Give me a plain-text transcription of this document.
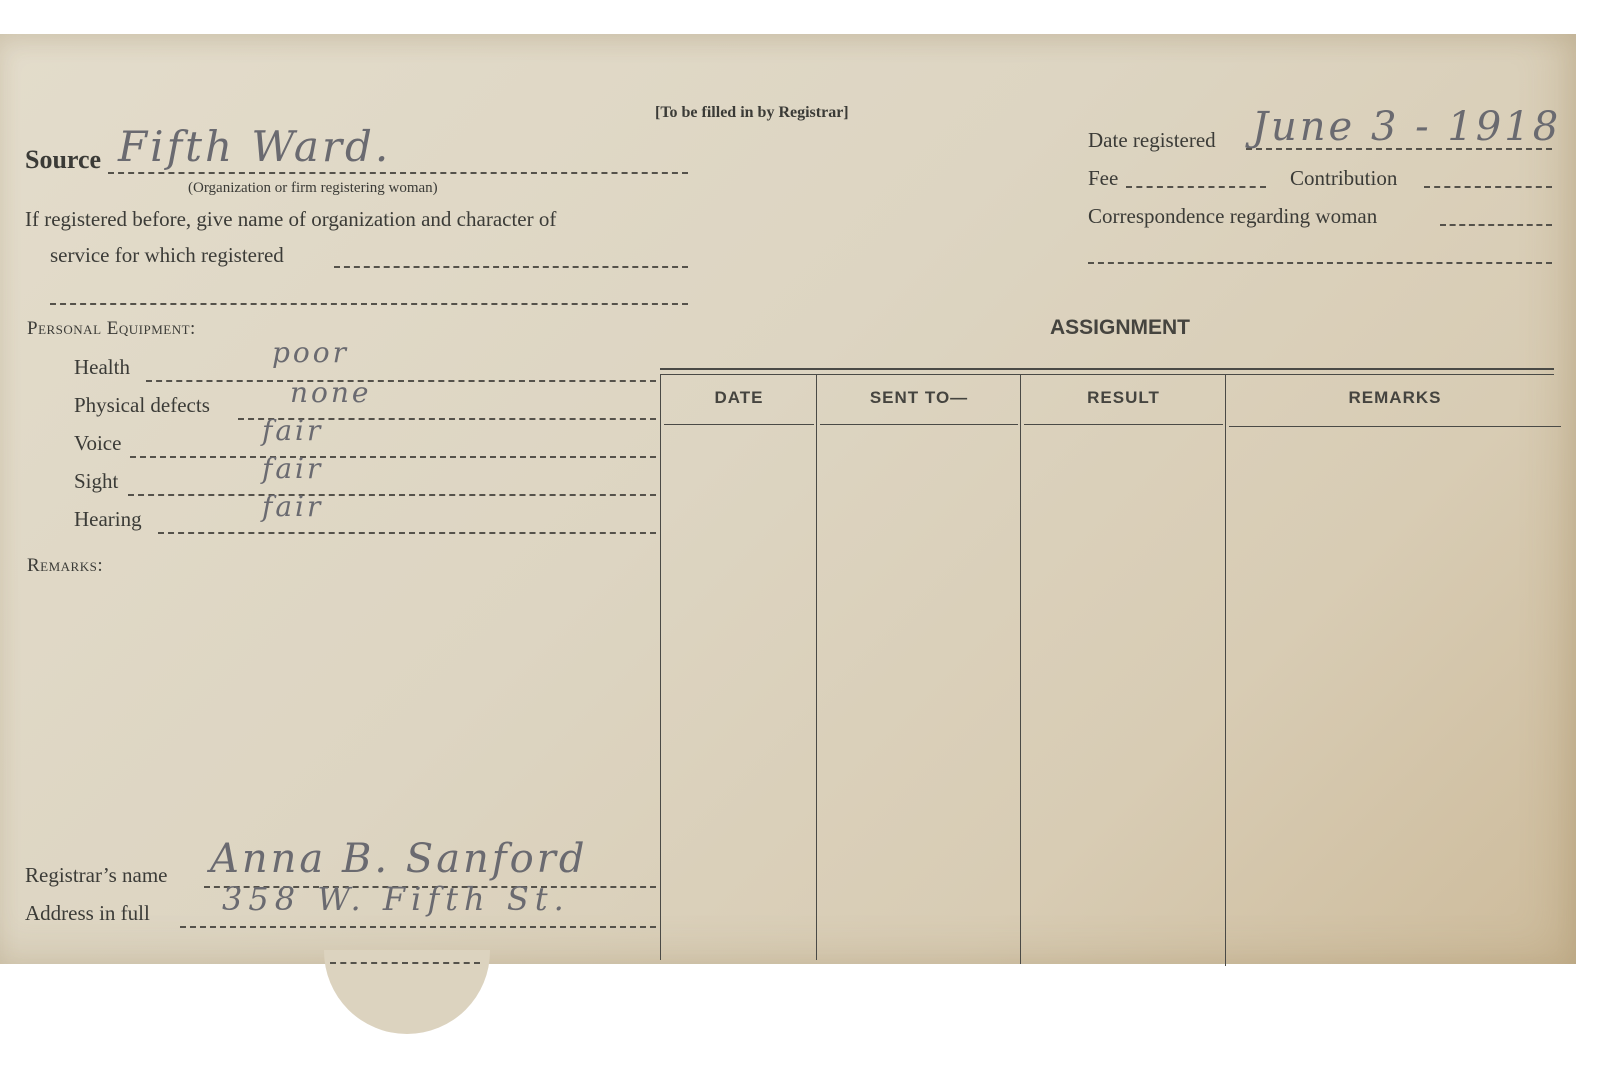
[To be filled in by Registrar]
Source Fifth Ward.
(Organization or firm registering woman)
If registered before, give name of organization and character of
service for which registered
Date registered June 3 - 1918
Fee	Contribution
Correspondence regarding woman
Personal Equipment:
Health	poor
Physical defects	none
Voice	fair
Sight	fair
Hearing	fair
Remarks:
Registrar’s name Anna B. Sanford
Address in full 358 W. Fifth St.
ASSIGNMENT
DATE	SENT TO—	RESULT	REMARKS
